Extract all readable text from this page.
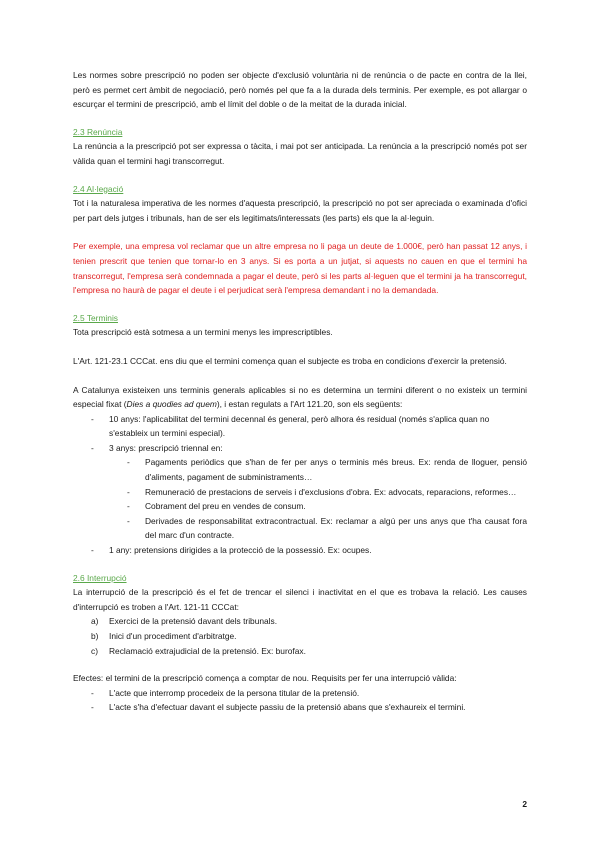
Les normes sobre prescripció no poden ser objecte d'exclusió voluntària ni de renúncia o de pacte en contra de la llei, però es permet cert àmbit de negociació, però només pel que fa a la durada dels terminis. Per exemple, es pot allargar o escurçar el termini de prescripció, amb el límit del doble o de la meitat de la durada inicial.

2.3 Renúncia

La renúncia a la prescripció pot ser expressa o tàcita, i mai pot ser anticipada. La renúncia a la prescripció només pot ser vàlida quan el termini hagi transcorregut.

2.4 Al·legació

Tot i la naturalesa imperativa de les normes d'aquesta prescripció, la prescripció no pot ser apreciada o examinada d'ofici per part dels jutges i tribunals, han de ser els legitimats/interessats (les parts) els que la al·leguin.

Per exemple, una empresa vol reclamar que un altre empresa no li paga un deute de 1.000€, però han passat 12 anys, i tenien prescrit que tenien que tornar-lo en 3 anys. Si es porta a un jutjat, si aquests no cauen en que el termini ha transcorregut, l'empresa serà condemnada a pagar el deute, però si les parts al·leguen que el termini ja ha transcorregut, l'empresa no haurà de pagar el deute i el perjudicat serà l'empresa demandant i no la demandada.

2.5 Terminis

Tota prescripció està sotmesa a un termini menys les imprescriptibles.

L'Art. 121-23.1 CCCat. ens diu que el termini comença quan el subjecte es troba en condicions d'exercir la pretensió.

A Catalunya existeixen uns terminis generals aplicables si no es determina un termini diferent o no existeix un termini especial fixat (Dies a quodies ad quem), i estan regulats a l'Art 121.20, son els següents:

- 10 anys: l'aplicabilitat del termini decennal és general, però alhora és residual (només s'aplica quan no s'estableix un termini especial).
- 3 anys: prescripció triennal en:
- Pagaments periòdics que s'han de fer per anys o terminis més breus. Ex: renda de lloguer, pensió d'aliments, pagament de subministraments…

- Remuneració de prestacions de serveis i d'exclusions d'obra. Ex: advocats, reparacions, reformes…

- Cobrament del preu en vendes de consum.

- Derivades de responsabilitat extracontractual. Ex: reclamar a algú per uns anys que t'ha causat fora del marc d'un contracte.

- 1 any: pretensions dirigides a la protecció de la possessió. Ex: ocupes.
2.6 Interrupció

La interrupció de la prescripció és el fet de trencar el silenci i inactivitat en el que es trobava la relació. Les causes d'interrupció es troben a l'Art. 121-11 CCCat:

a) Exercici de la pretensió davant dels tribunals.
b) Inici d'un procediment d'arbitratge.
c) Reclamació extrajudicial de la pretensió. Ex: burofax.

Efectes: el termini de la prescripció comença a comptar de nou. Requisits per fer una interrupció vàlida:

- L'acte que interromp procedeix de la persona titular de la pretensió.
- L'acte s'ha d'efectuar davant el subjecte passiu de la pretensió abans que s'exhaureix el termini.
2
